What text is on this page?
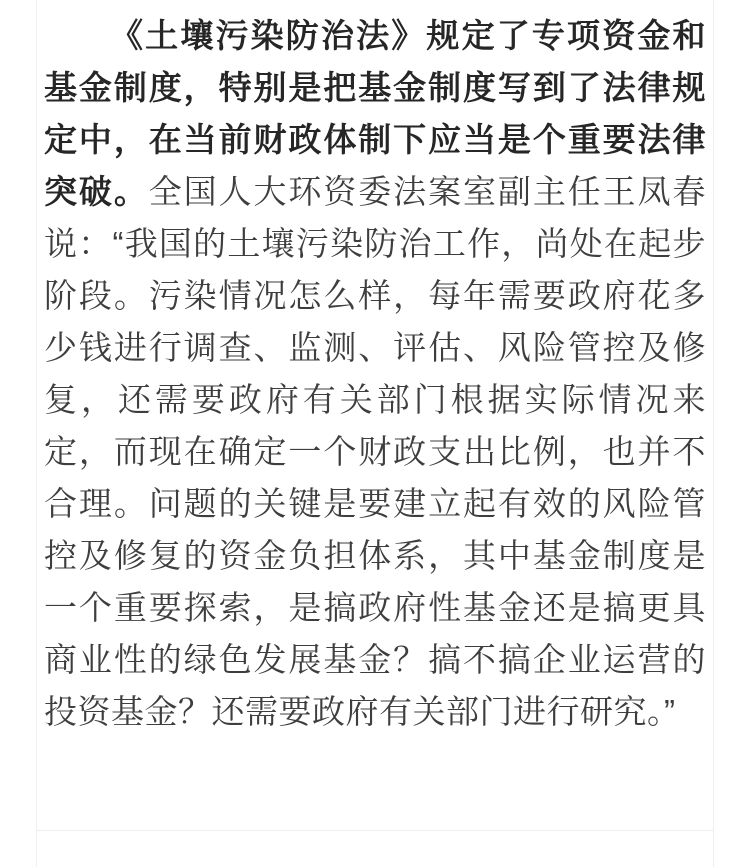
《土壤污染防治法》规定了专项资金和基金制度，特别是把基金制度写到了法律规定中，在当前财政体制下应当是个重要法律突破。全国人大环资委法案室副主任王凤春说：“我国的土壤污染防治工作，尚处在起步阶段。污染情况怎么样，每年需要政府花多少钱进行调查、监测、评估、风险管控及修复，还需要政府有关部门根据实际情况来定，而现在确定一个财政支出比例，也并不合理。问题的关键是要建立起有效的风险管控及修复的资金负担体系，其中基金制度是一个重要探索，是搞政府性基金还是搞更具商业性的绿色发展基金？搞不搞企业运营的投资基金？还需要政府有关部门进行研究。”
